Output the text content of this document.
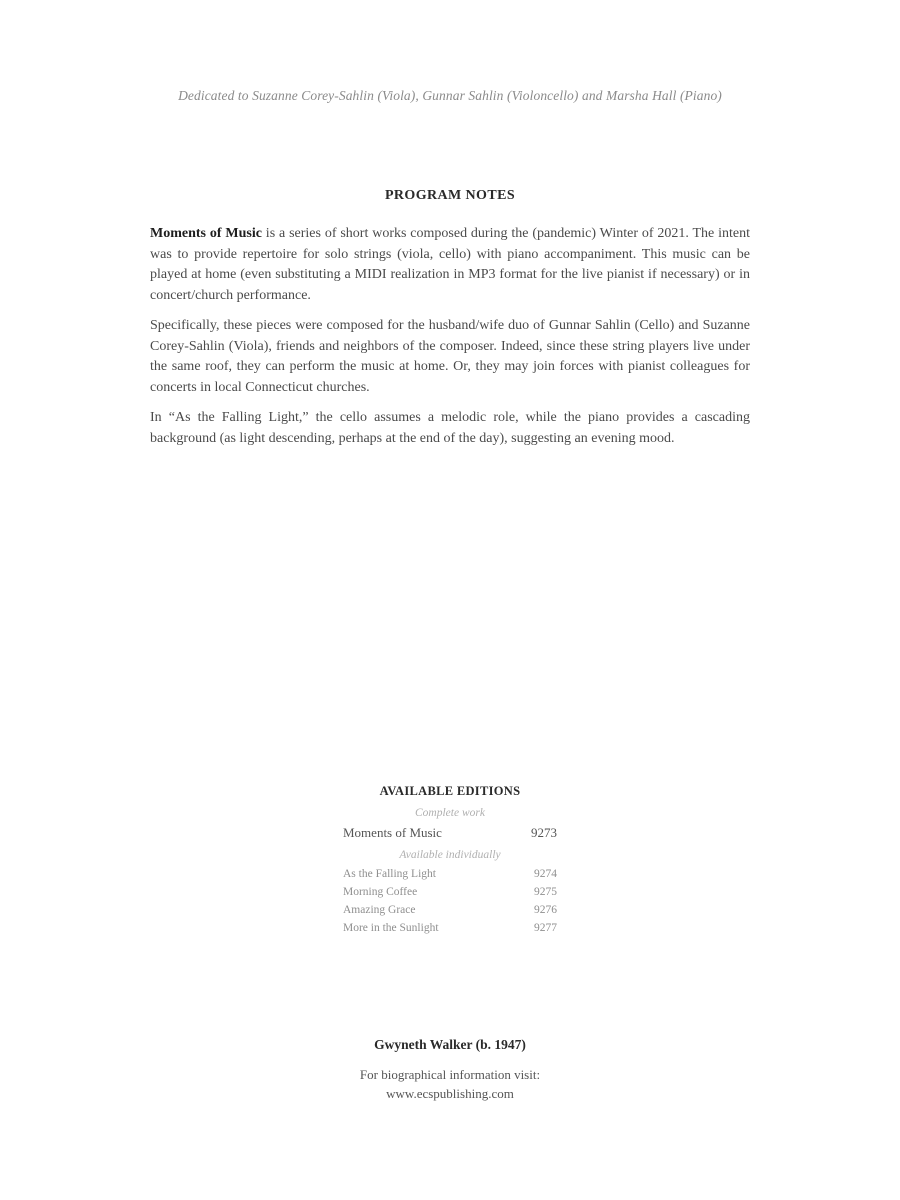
Dedicated to Suzanne Corey-Sahlin (Viola), Gunnar Sahlin (Violoncello) and Marsha Hall (Piano)
PROGRAM NOTES

Moments of Music is a series of short works composed during the (pandemic) Winter of 2021. The intent was to provide repertoire for solo strings (viola, cello) with piano accompaniment. This music can be played at home (even substituting a MIDI realization in MP3 format for the live pianist if necessary) or in concert/church performance.

Specifically, these pieces were composed for the husband/wife duo of Gunnar Sahlin (Cello) and Suzanne Corey-Sahlin (Viola), friends and neighbors of the composer. Indeed, since these string players live under the same roof, they can perform the music at home. Or, they may join forces with pianist colleagues for concerts in local Connecticut churches.

In “As the Falling Light,” the cello assumes a melodic role, while the piano provides a cascading background (as light descending, perhaps at the end of the day), suggesting an evening mood.

AVAILABLE EDITIONS
Complete work
Moments of Music	9273
Available individually
As the Falling Light	9274
Morning Coffee	9275
Amazing Grace	9276
More in the Sunlight	9277
Gwyneth Walker (b. 1947)
For biographical information visit:
www.ecspublishing.com
